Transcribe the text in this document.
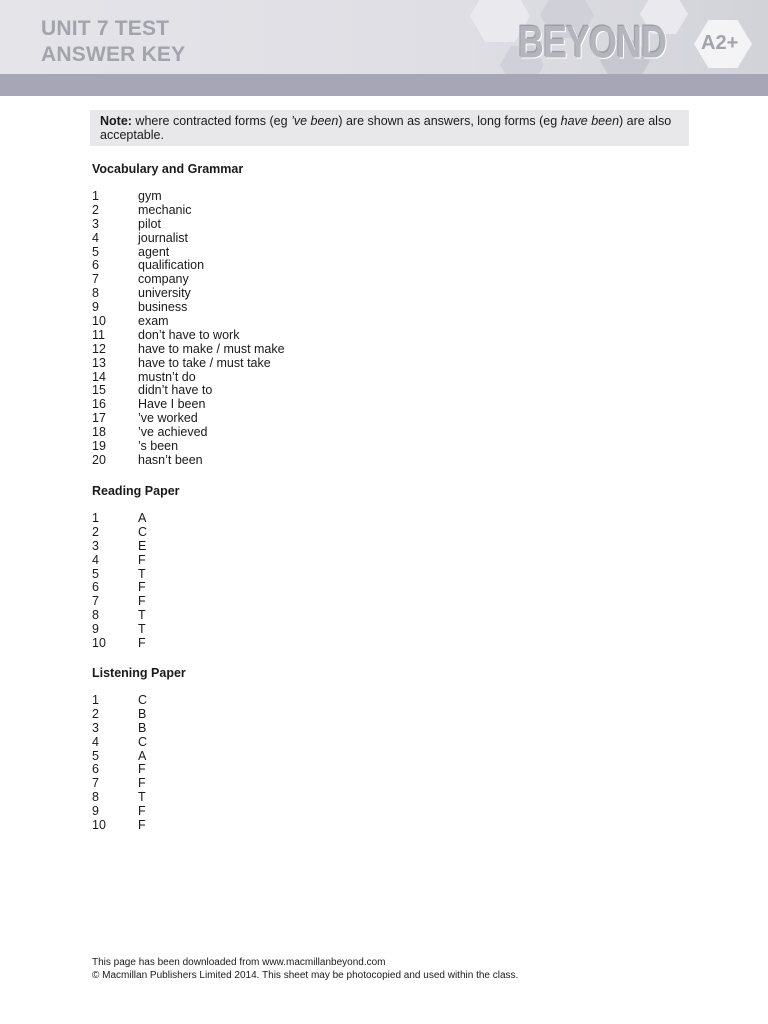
UNIT 7 TEST
ANSWER KEY	BEYOND A2+
Note: where contracted forms (eg ’ve been) are shown as answers, long forms (eg have been) are also acceptable.
Vocabulary and Grammar
1	gym
2	mechanic
3	pilot
4	journalist
5	agent
6	qualification
7	company
8	university
9	business
10	exam
11	don’t have to work
12	have to make / must make
13	have to take / must take
14	mustn’t do
15	didn’t have to
16	Have I been
17	’ve worked
18	’ve achieved
19	’s been
20	hasn’t been
Reading Paper
1	A
2	C
3	E
4	F
5	T
6	F
7	F
8	T
9	T
10	F
Listening Paper
1	C
2	B
3	B
4	C
5	A
6	F
7	F
8	T
9	F
10	F
This page has been downloaded from www.macmillanbeyond.com
© Macmillan Publishers Limited 2014. This sheet may be photocopied and used within the class.
